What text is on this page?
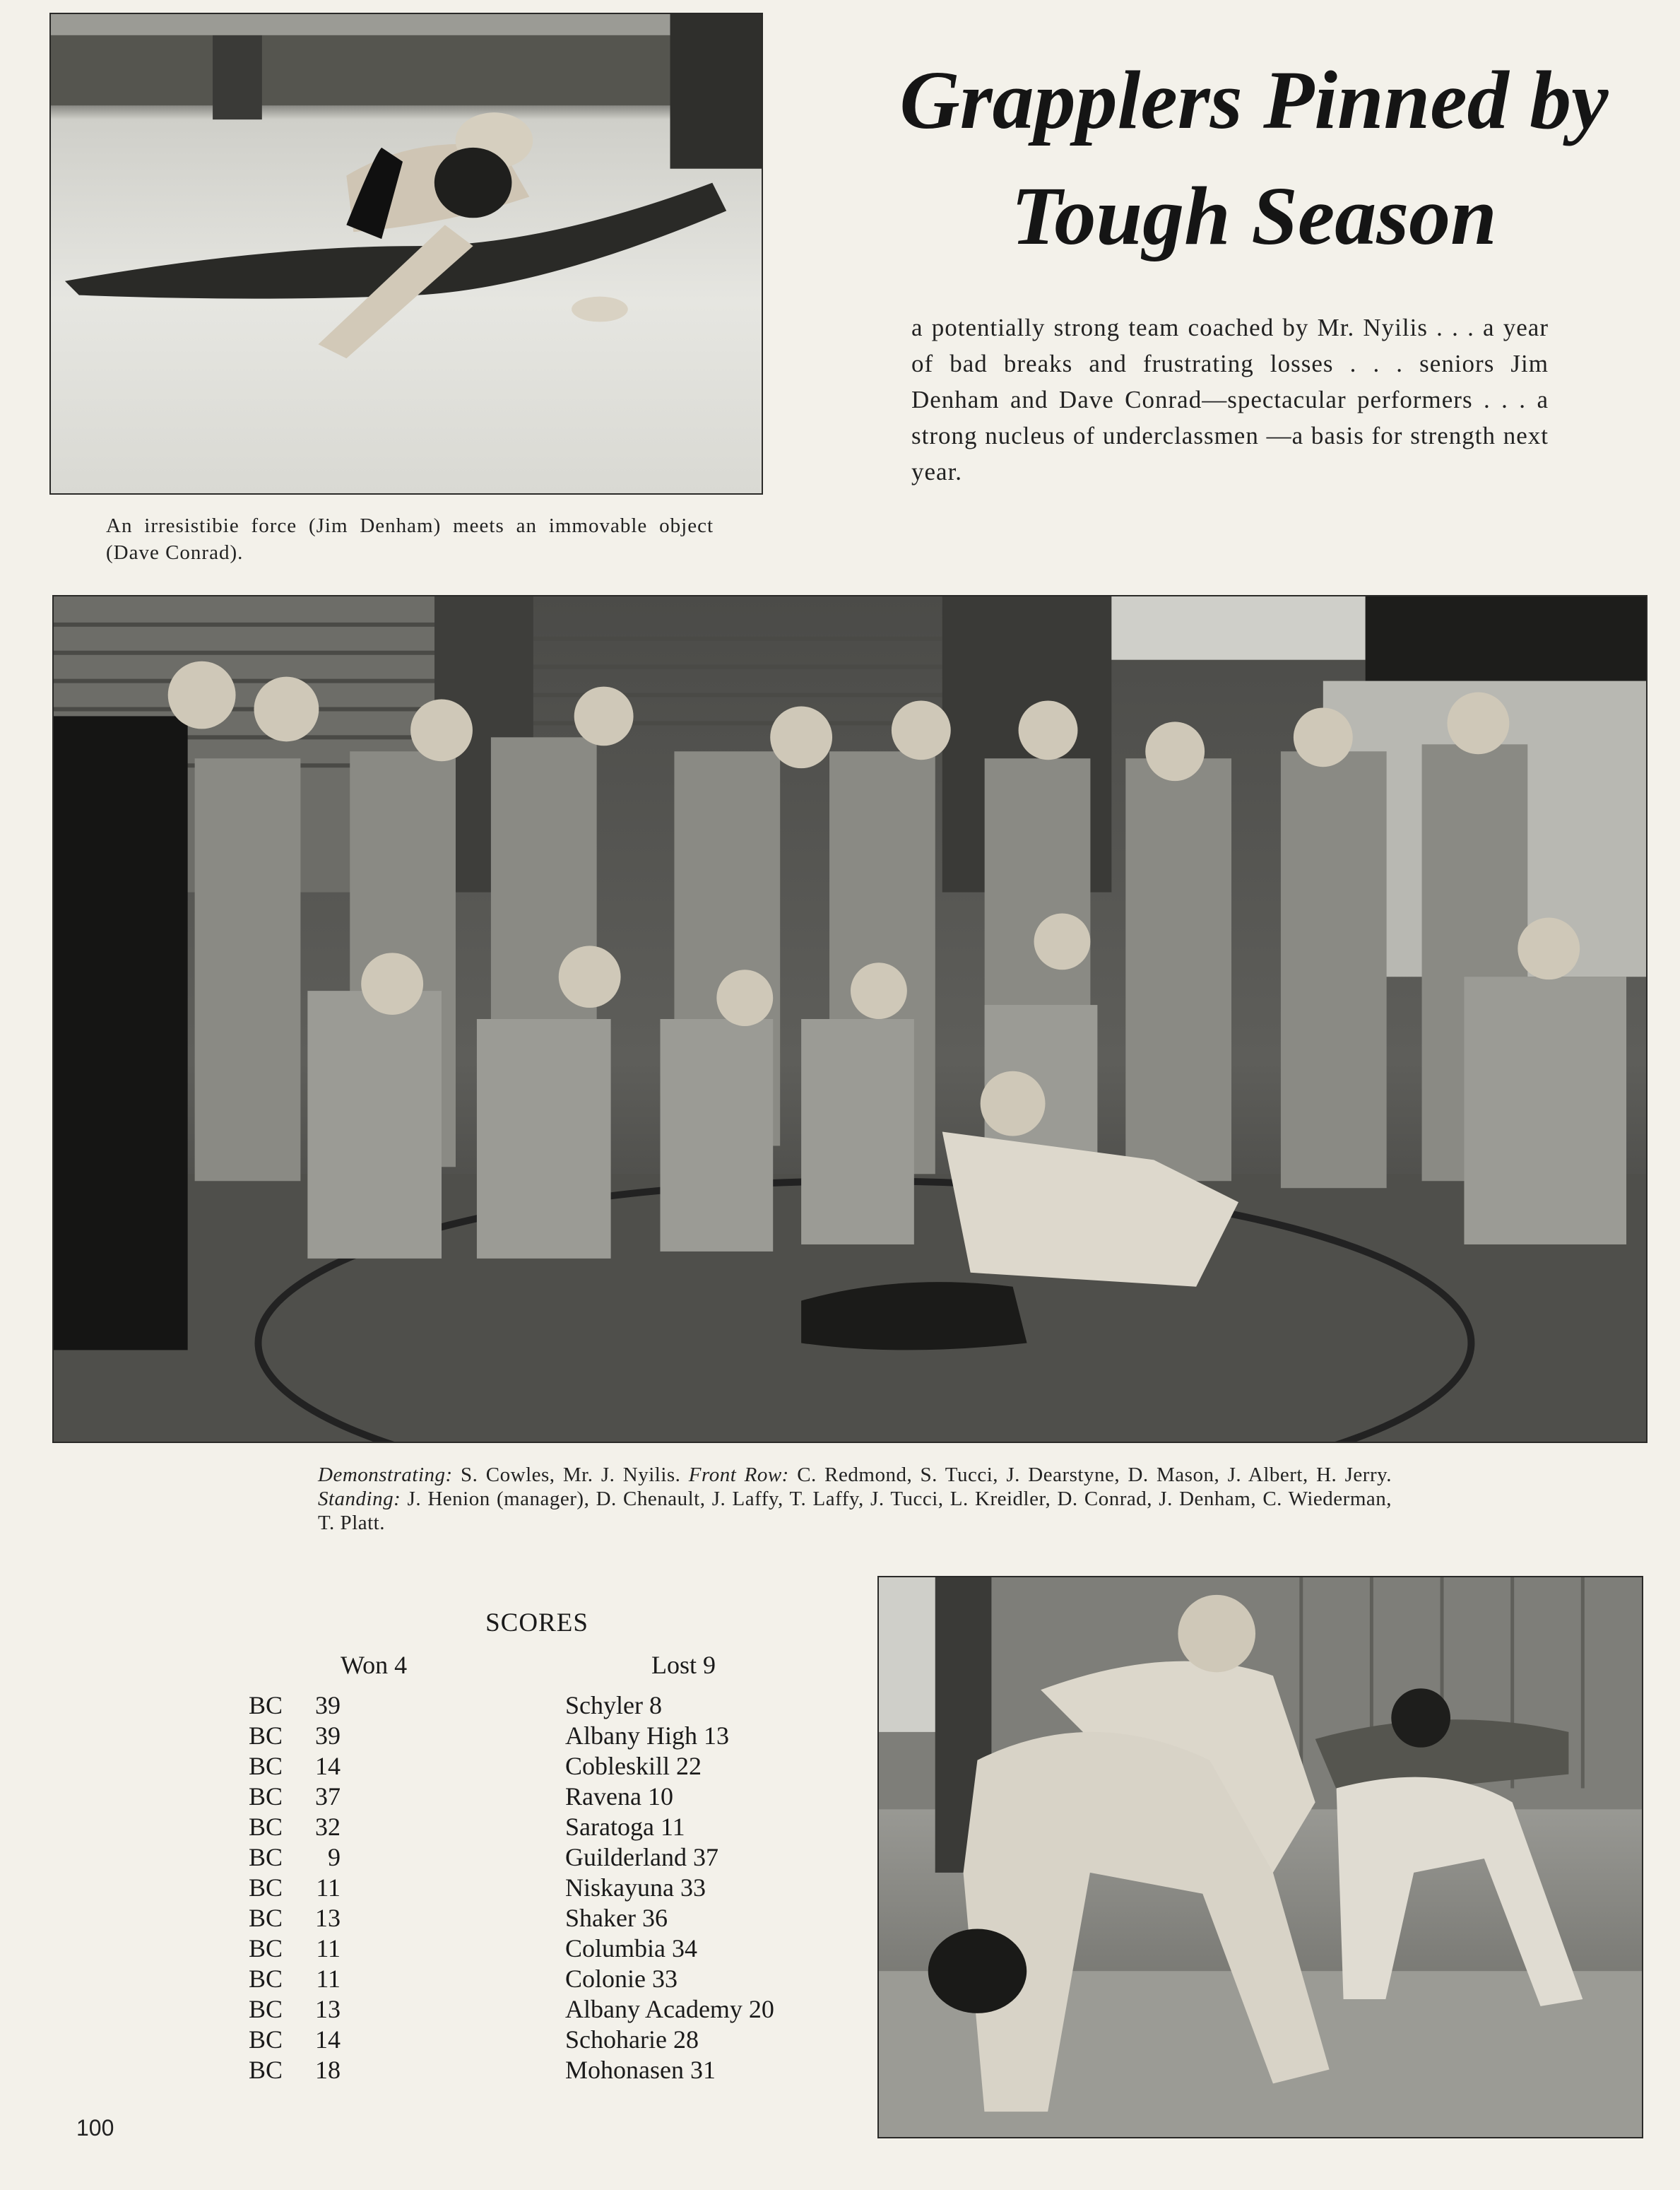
Grapplers Pinned by Tough Season
a potentially strong team coached by Mr. Nyilis . . . a year of bad breaks and frustrating losses . . . seniors Jim Denham and Dave Conrad—spectacular performers . . . a strong nucleus of underclassmen —a basis for strength next year.
An irresistibie force (Jim Denham) meets an immovable object (Dave Conrad).
Demonstrating: S. Cowles, Mr. J. Nyilis. Front Row: C. Redmond, S. Tucci, J. Dearstyne, D. Mason, J. Albert, H. Jerry. Standing: J. Henion (manager), D. Chenault, J. Laffy, T. Laffy, J. Tucci, L. Kreidler, D. Conrad, J. Denham, C. Wiederman, T. Platt.
SCORES
Won 4	Lost 9
BC 39
BC 39
BC 14
BC 37
BC 32
BC 9
BC 11
BC 13
BC 11
BC 11
BC 13
BC 14
BC 18
Schyler 8
Albany High 13
Cobleskill 22
Ravena 10
Saratoga 11
Guilderland 37
Niskayuna 33
Shaker 36
Columbia 34
Colonie 33
Albany Academy 20
Schoharie 28
Mohonasen 31
100
